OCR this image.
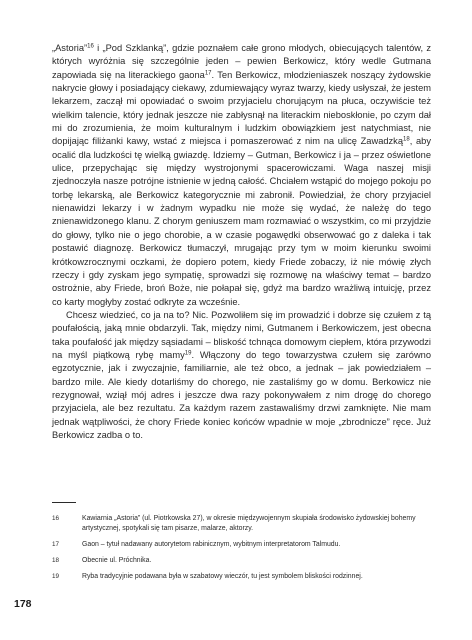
„Astoria”$^{16}$ i „Pod Szklanką”, gdzie poznałem całe grono młodych, obiecujących talentów, z których wyróżnia się szczególnie jeden – pewien Berkowicz, który wedle Gutmana zapowiada się na literackiego gaona$^{17}$. Ten Berkowicz, młodzieniaszek noszący żydowskie nakrycie głowy i posiadający ciekawy, zdumiewający wyraz twarzy, kiedy usłyszał, że jestem lekarzem, zaczął mi opowiadać o swoim przyjacielu chorującym na płuca, oczywiście też wielkim talencie, który jednak jeszcze nie zabłysnął na literackim nieboskłonie, po czym dał mi do zrozumienia, że moim kulturalnym i ludzkim obowiązkiem jest natychmiast, nie dopijając filiżanki kawy, wstać z miejsca i pomaszerować z nim na ulicę Zawadzką$^{18}$, aby ocalić dla ludzkości tę wielką gwiazdę. Idziemy – Gutman, Berkowicz i ja – przez oświetlone ulice, przepychając się między wystrojonymi spacerowiczami. Waga naszej misji zjednoczyła nasze potrójne istnienie w jedną całość. Chciałem wstąpić do mojego pokoju po torbę lekarską, ale Berkowicz kategorycznie mi zabronił. Powiedział, że chory przyjaciel nienawidzi lekarzy i w żadnym wypadku nie może się wydać, że należę do tego znienawidzonego klanu. Z chorym geniuszem mam rozmawiać o wszystkim, co mi przyjdzie do głowy, tylko nie o jego chorobie, a w czasie pogawędki obserwować go z daleka i tak postawić diagnozę. Berkowicz tłumaczył, mrugając przy tym w moim kierunku swoimi krótkowzrocznymi oczkami, że dopiero potem, kiedy Friede zobaczy, iż nie mówię złych rzeczy i gdy zyskam jego sympatię, sprowadzi się rozmowę na właściwy temat – bardzo ostrożnie, aby Friede, broń Boże, nie połapał się, gdyż ma bardzo wrażliwą intuicję, przez co karty mogłyby zostać odkryte za wcześnie.

Chcesz wiedzieć, co ja na to? Nic. Pozwoliłem się im prowadzić i dobrze się czułem z tą poufałością, jaką mnie obdarzyli. Tak, między nimi, Gutmanem i Berkowiczem, jest obecna taka poufałość jak między sąsiadami – bliskość tchnąca domowym ciepłem, która przywodzi na myśl piątkową rybę mamy$^{19}$. Włączony do tego towarzystwa czułem się zarówno egzotycznie, jak i zwyczajnie, familiarnie, ale też obco, a jednak – jak powiedziałem – bardzo mile. Ale kiedy dotarliśmy do chorego, nie zastaliśmy go w domu. Berkowicz nie rezygnował, wziął mój adres i jeszcze dwa razy pokonywałem z nim drogę do chorego przyjaciela, ale bez rezultatu. Za każdym razem zastawaliśmy drzwi zamknięte. Nie mam jednak wątpliwości, że chory Friede koniec końców wpadnie w moje „zbrodnicze” ręce. Już Berkowicz zadba o to.

16	Kawiarnia „Astoria” (ul. Piotrkowska 27), w okresie międzywojennym skupiała środowisko żydowskiej bohemy artystycznej, spotykali się tam pisarze, malarze, aktorzy.
17	Gaon – tytuł nadawany autorytetom rabinicznym, wybitnym interpretatorom Talmudu.
18	Obecnie ul. Próchnika.
19	Ryba tradycyjnie podawana była w szabatowy wieczór, tu jest symbolem bliskości rodzinnej.
178
